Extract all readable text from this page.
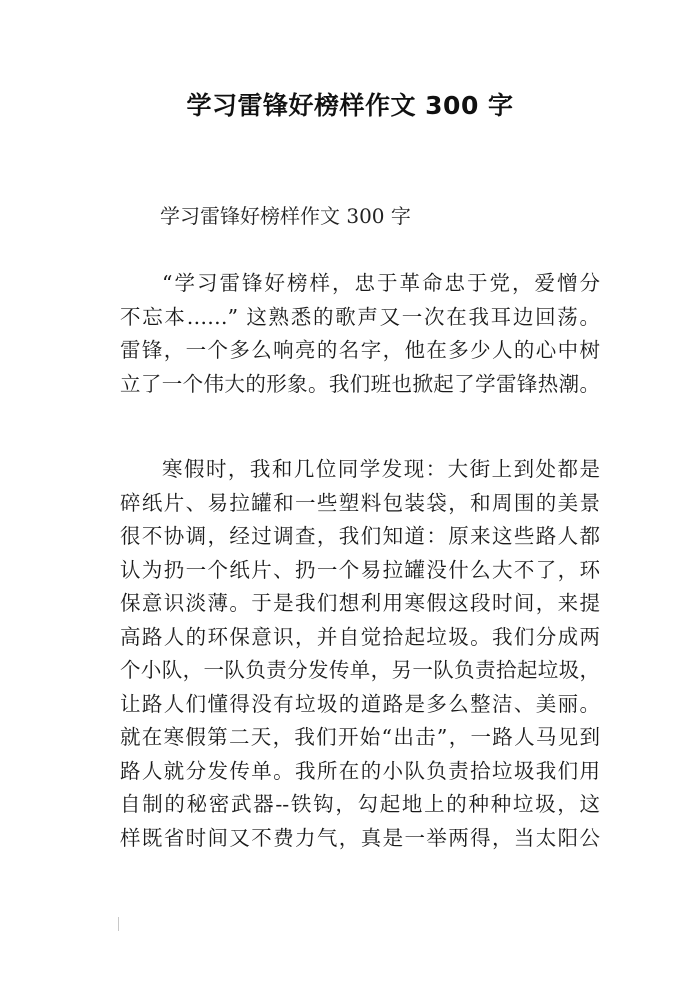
学习雷锋好榜样作文 300 字
学习雷锋好榜样作文 300 字
“学习雷锋好榜样，忠于革命忠于党，爱憎分
不忘本……” 这熟悉的歌声又一次在我耳边回荡。
雷锋，一个多么响亮的名字，他在多少人的心中树
立了一个伟大的形象。我们班也掀起了学雷锋热潮。
寒假时，我和几位同学发现：大街上到处都是
碎纸片、易拉罐和一些塑料包装袋，和周围的美景
很不协调，经过调查，我们知道：原来这些路人都
认为扔一个纸片、扔一个易拉罐没什么大不了，环
保意识淡薄。于是我们想利用寒假这段时间，来提
高路人的环保意识，并自觉拾起垃圾。我们分成两
个小队，一队负责分发传单，另一队负责拾起垃圾，
让路人们懂得没有垃圾的道路是多么整洁、美丽。
就在寒假第二天，我们开始“出击”，一路人马见到
路人就分发传单。我所在的小队负责拾垃圾我们用
自制的秘密武器--铁钩，勾起地上的种种垃圾，这
样既省时间又不费力气，真是一举两得，当太阳公
